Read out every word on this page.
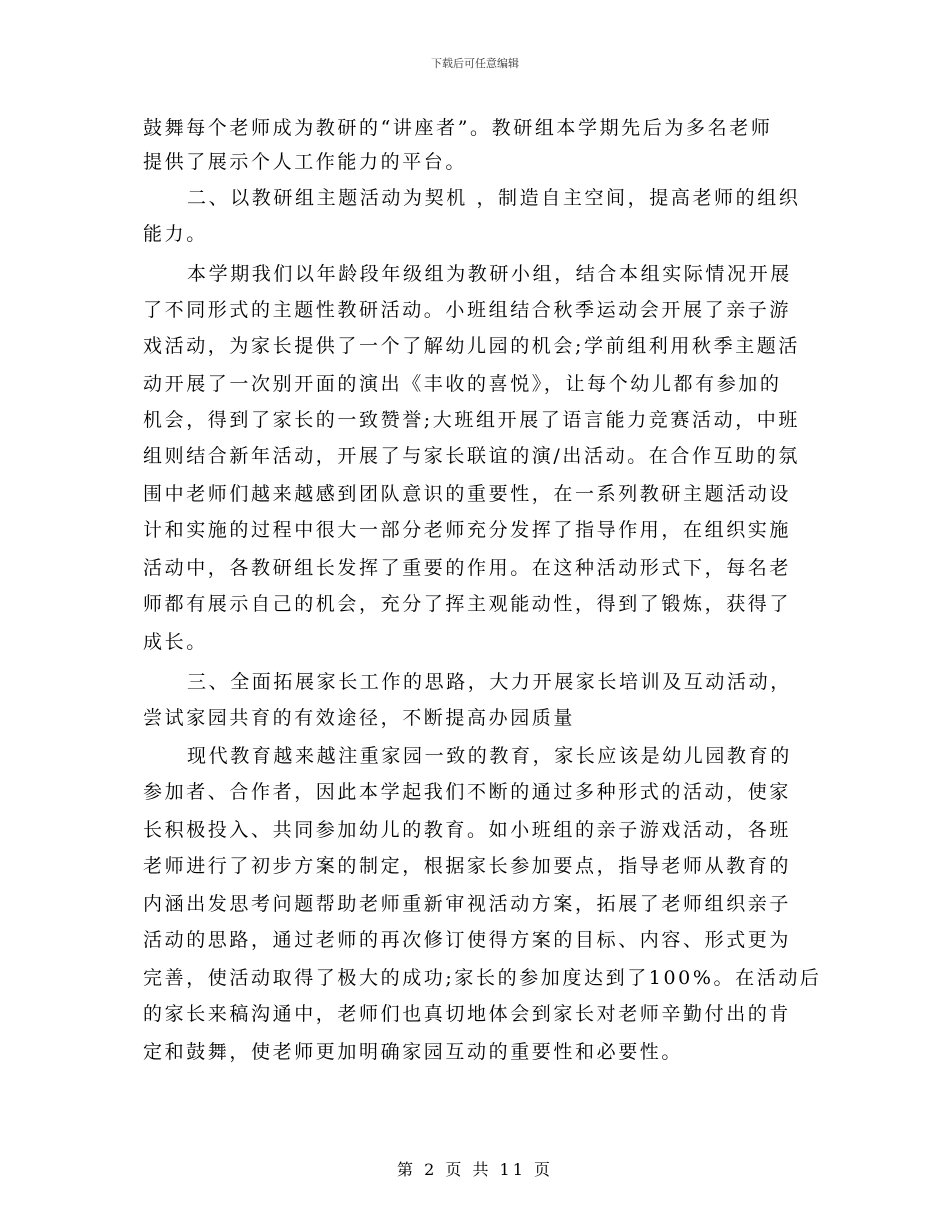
下载后可任意编辑
鼓舞每个老师成为教研的“讲座者”。教研组本学期先后为多名老师
提供了展示个人工作能力的平台。
二、以教研组主题活动为契机 ，制造自主空间，提高老师的组织
能力。
本学期我们以年龄段年级组为教研小组，结合本组实际情况开展
了不同形式的主题性教研活动。小班组结合秋季运动会开展了亲子游
戏活动，为家长提供了一个了解幼儿园的机会;学前组利用秋季主题活
动开展了一次别开面的演出《丰收的喜悦》，让每个幼儿都有参加的
机会，得到了家长的一致赞誉;大班组开展了语言能力竞赛活动，中班
组则结合新年活动，开展了与家长联谊的演/出活动。在合作互助的氛
围中老师们越来越感到团队意识的重要性，在一系列教研主题活动设
计和实施的过程中很大一部分老师充分发挥了指导作用，在组织实施
活动中，各教研组长发挥了重要的作用。在这种活动形式下，每名老
师都有展示自己的机会，充分了挥主观能动性，得到了锻炼，获得了
成长。
三、全面拓展家长工作的思路，大力开展家长培训及互动活动，
尝试家园共育的有效途径，不断提高办园质量
现代教育越来越注重家园一致的教育，家长应该是幼儿园教育的
参加者、合作者，因此本学起我们不断的通过多种形式的活动，使家
长积极投入、共同参加幼儿的教育。如小班组的亲子游戏活动，各班
老师进行了初步方案的制定，根据家长参加要点，指导老师从教育的
内涵出发思考问题帮助老师重新审视活动方案，拓展了老师组织亲子
活动的思路，通过老师的再次修订使得方案的目标、内容、形式更为
完善，使活动取得了极大的成功;家长的参加度达到了100%。在活动后
的家长来稿沟通中，老师们也真切地体会到家长对老师辛勤付出的肯
定和鼓舞，使老师更加明确家园互动的重要性和必要性。
第 2 页 共 11 页
